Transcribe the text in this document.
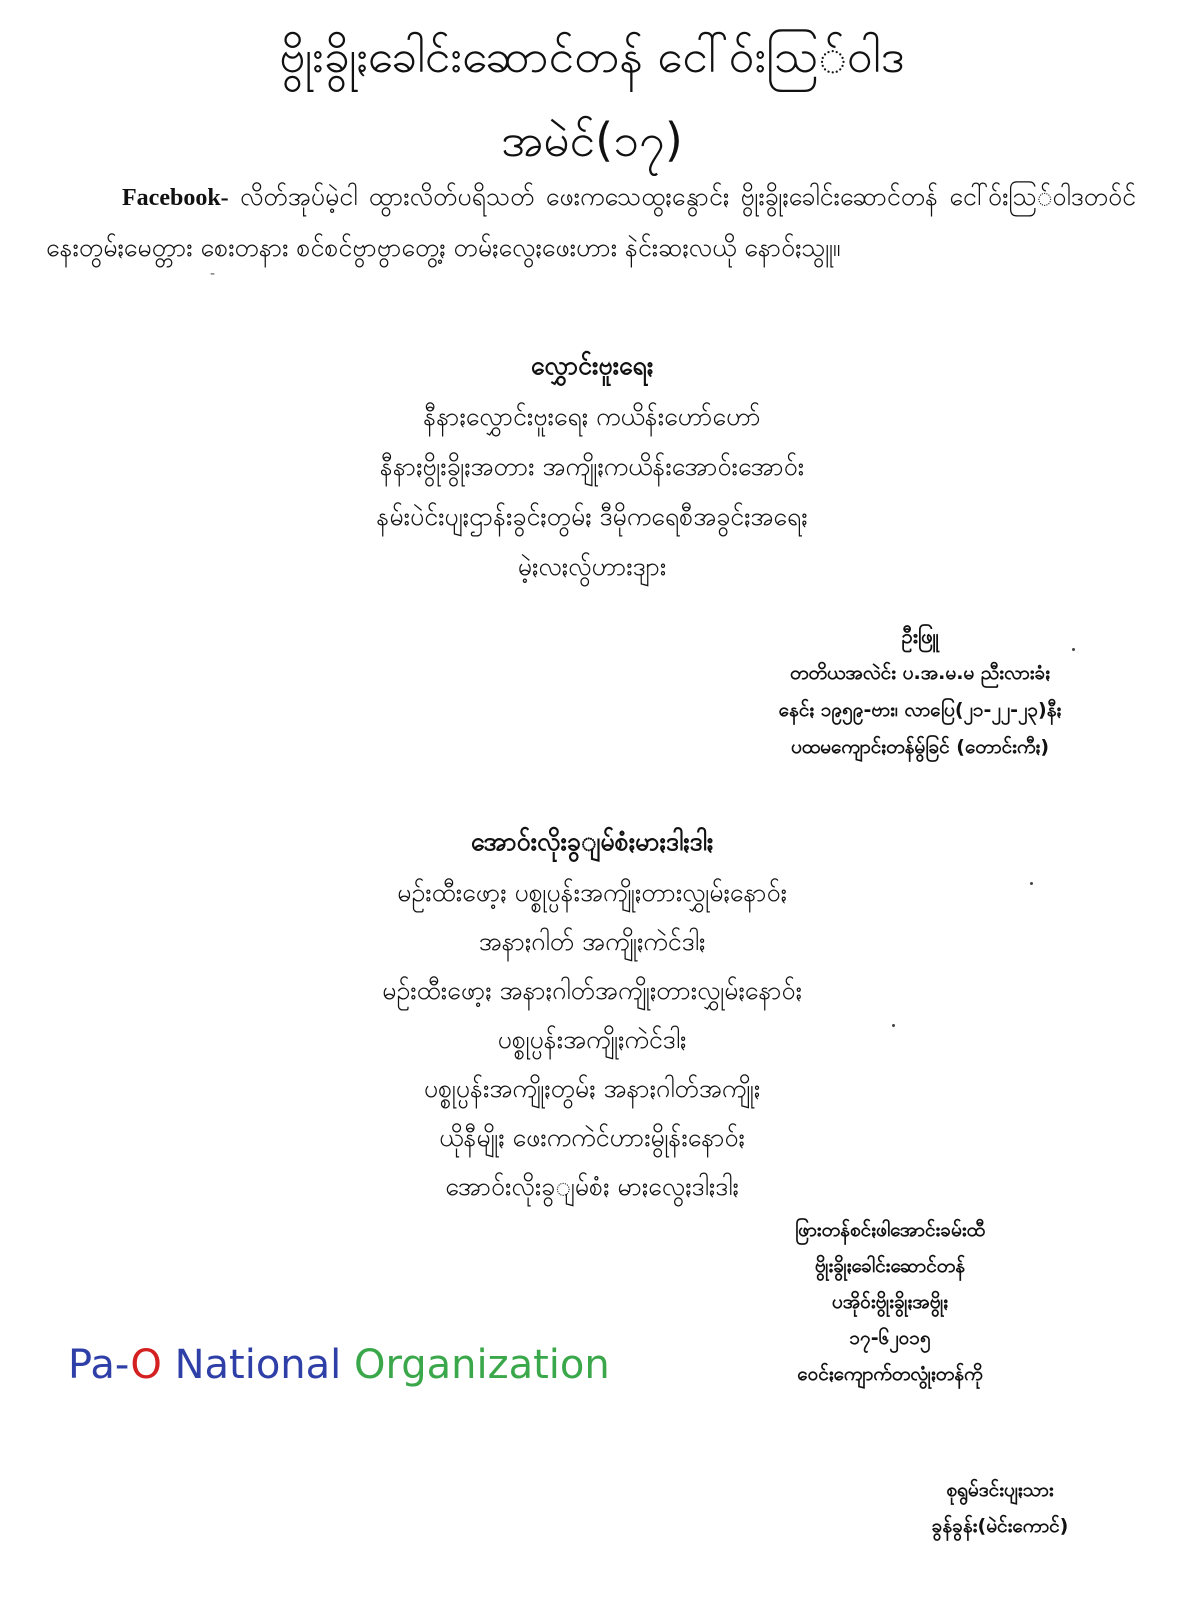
ဗွိုးခွိုႏခေါင်းဆောင်တန် ငေါ်ဝ်းသြ်ဝါဒ
အမဲင်(၁၇)
Facebook- လိတ်အုပ်မဲ့ငါ ထွားလိတ်ပရိသတ် ဖေးကသေထွႏနွောင်ႏ ဗွိုးခွိုႏခေါင်းဆောင်တန် ငေါ်ဝ်းသြ်ဝါဒတဝ်င် နေးတွမ်ႏမေတ္တား စေးတနား စင်စင်ဗွာဗွာတွေ့ႏ တမ်ႏလွေႏဖေးဟား နဲင်းဆႏလယို နောဝ်ႏသွူ။
-
လွှောင်းဗူးရေႏ

နီနာႏလွှောင်းဗူးရေႏ ကယိန်းဟော်ဟော်

နီနာႏဗွိုးခွိုႏအတား အကျိုႏကယိန်းအောဝ်းအောဝ်း

နမ်းပဲင်းပျႏဌာန်းခွင်ႏတွမ်ႏ ဒီမိုကရေစီအခွင်ႏအရေႏ

မဲ့ႏလႏလွ်ဟားဒျား

ဦးဖြူ

တတိယအလဲင်း ပ.အ.မ.မ ညီးလားခံႏ

နေင်ႏ ၁၉၅၉-ဗား၊ လာပြေ(၂၁-၂၂-၂၃)နီႏ

ပထမကျောင်ႏတန်မွ်ခြင် (တောင်းကီႏ)

အောဝ်းလိုးခွျမ်စံႏမာႏဒါႏဒါႏ

မဉ်းထီးဖော့ႏ ပစ္စုပ္ပန်းအကျိုႏတားလွှုမ်ႏနောဝ်ႏ

အနာႏဂါတ် အကျိုႏကဲင်ဒါႏ

မဉ်းထီးဖော့ႏ အနာႏဂါတ်အကျိုႏတားလွှုမ်ႏနောဝ်ႏ

ပစ္စုပ္ပန်းအကျိုႏကဲင်ဒါႏ

ပစ္စုပ္ပန်းအကျိုႏတွမ်ႏ အနာႏဂါတ်အကျိုႏ

ယိုနီမျိုႏ ဖေးကကဲင်ဟားမွိုန်းနောဝ်ႏ

အောဝ်းလိုးခွျမ်စံႏ မာႏလွေႏဒါႏဒါႏ

ဖြားတန်စင်ႏဖါအောင်းခမ်းထီ

ဗွိုးခွိုႏခေါင်းဆောင်တန်

ပအိုဝ်းဗွိုးခွိုႏအဗွိုႏ

၁၇-၆၂၀၁၅

ဝေင်ႏကျောက်တလွုံႏတန်ကို

Pa-O National Organization

စုရွမ်ဒင်းပျႏသား

ခွန်ခွန်း(မဲင်းကောင်)
